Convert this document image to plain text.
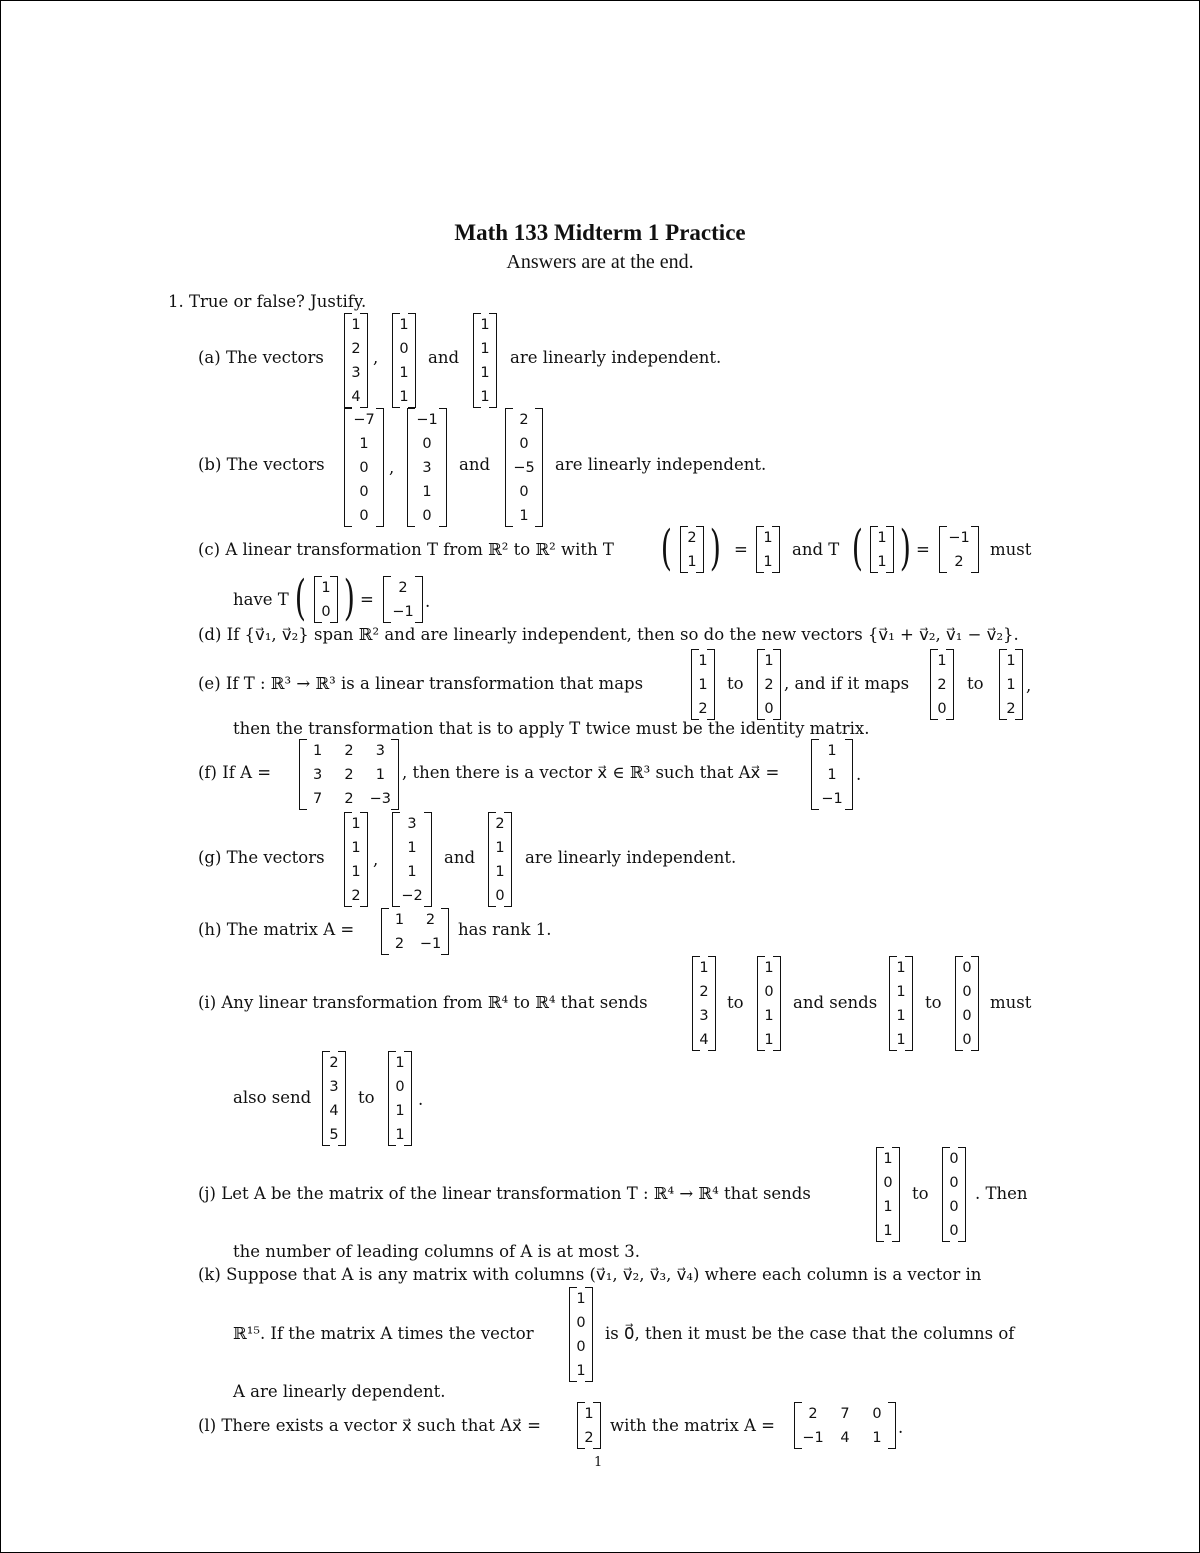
Math 133 Midterm 1 Practice
Answers are at the end.
1. True or false? Justify.
(a) The vectors
1
2
3
4
,
1
0
1
1
and
1
1
1
1
are linearly independent.
(b) The vectors
−7
1
0
0
0
,
−1
0
3
1
0
and
2
0
−5
0
1
are linearly independent.
(c) A linear transformation T from ℝ² to ℝ² with T (	2
1 ) =
1
1
and T ( 1
1 ) =
−1
2
must
have T (	1
0 ) =
2
−1
.
(d) If {v⃗₁, v⃗₂} span ℝ² and are linearly independent, then so do the new vectors {v⃗₁ + v⃗₂, v⃗₁ − v⃗₂}.
(e) If T : ℝ³ → ℝ³ is a linear transformation that maps
1
1
2
to
1
2
0
, and if it maps
1
2
0
to
1
1
2
,
then the transformation that is to apply T twice must be the identity matrix.
(f) If A =
1	2	3
3	2	1
7	2	−3
, then there is a vector x⃗ ∈ ℝ³ such that Ax⃗ =
1
1
−1
.
(g) The vectors
1
1
1
2
,
3
1
1
−2
and
2
1
1
0
are linearly independent.
(h) The matrix A =	1	2
2	−1
has rank 1.
(i) Any linear transformation from ℝ⁴ to ℝ⁴ that sends
1
2
3
4
to
1
0
1
1
and sends
1
1
1
1
to
0
0
0
0
must
also send
2
3
4
5
to
1
0
1
1
.
(j) Let A be the matrix of the linear transformation T : ℝ⁴ → ℝ⁴ that sends
1
0
1
1
to
0
0
0
0
. Then
the number of leading columns of A is at most 3.
(k) Suppose that A is any matrix with columns (v⃗₁, v⃗₂, v⃗₃, v⃗₄) where each column is a vector in
ℝ¹⁵. If the matrix A times the vector
1
0
0
1
is 0⃗, then it must be the case that the columns of
A are linearly dependent.
(l) There exists a vector x⃗ such that Ax⃗ =
1
2
with the matrix A =
2	7	0
−1	4	1
.
1
